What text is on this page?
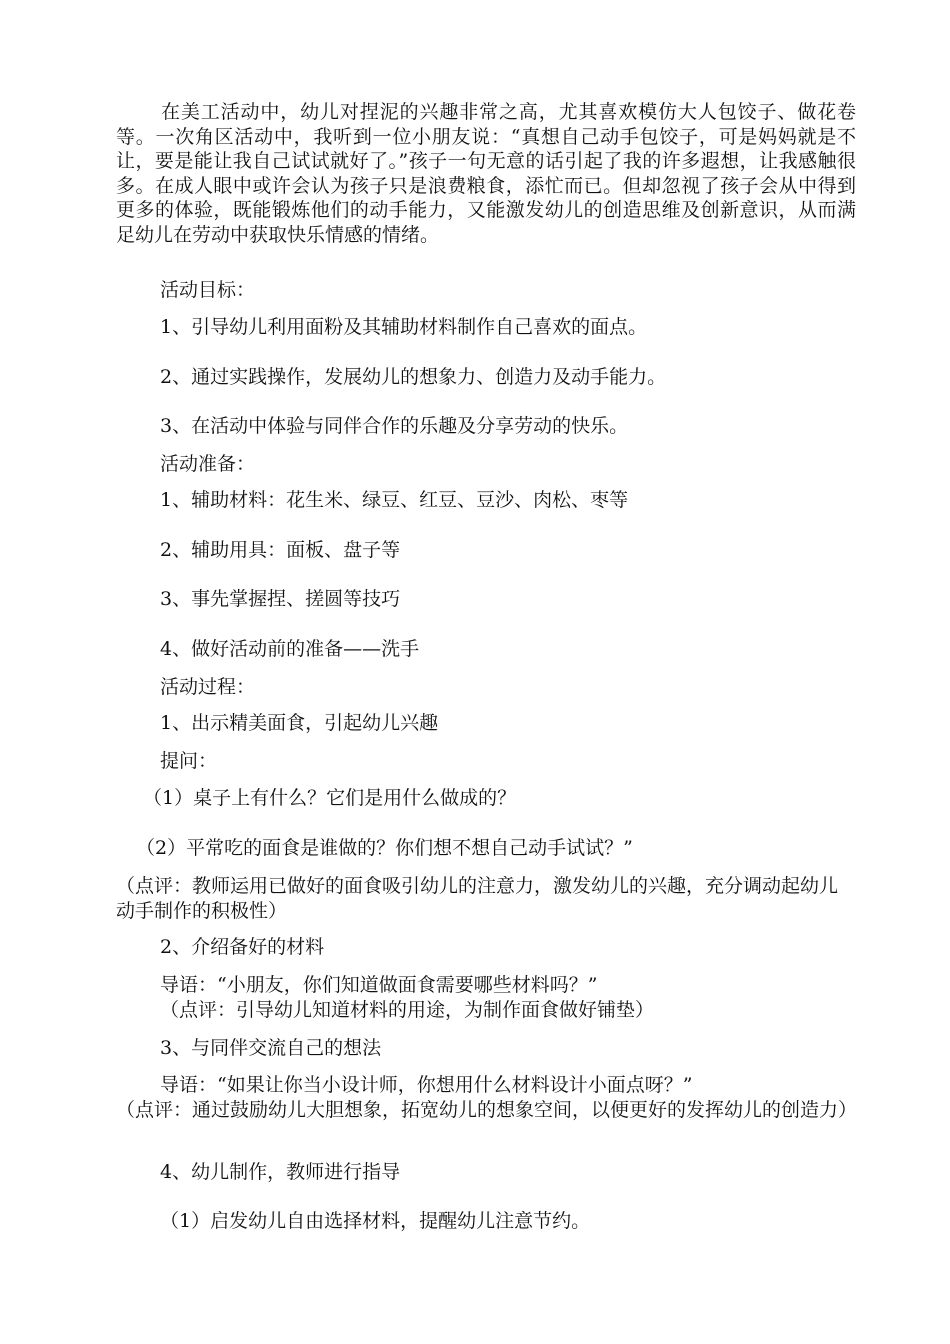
在美工活动中，幼儿对捏泥的兴趣非常之高，尤其喜欢模仿大人包饺子、做花卷等。一次角区活动中，我听到一位小朋友说：“真想自己动手包饺子，可是妈妈就是不让，要是能让我自己试试就好了。”孩子一句无意的话引起了我的许多遐想，让我感触很多。在成人眼中或许会认为孩子只是浪费粮食，添忙而已。但却忽视了孩子会从中得到更多的体验，既能锻炼他们的动手能力，又能激发幼儿的创造思维及创新意识，从而满足幼儿在劳动中获取快乐情感的情绪。

活动目标：

1、引导幼儿利用面粉及其辅助材料制作自己喜欢的面点。

2、通过实践操作，发展幼儿的想象力、创造力及动手能力。

3、在活动中体验与同伴合作的乐趣及分享劳动的快乐。

活动准备：

1、辅助材料：花生米、绿豆、红豆、豆沙、肉松、枣等

2、辅助用具：面板、盘子等

3、事先掌握捏、搓圆等技巧

4、做好活动前的准备——洗手

活动过程：

1、出示精美面食，引起幼儿兴趣

提问：

（1）桌子上有什么？它们是用什么做成的？

（2）平常吃的面食是谁做的？你们想不想自己动手试试？”

（点评：教师运用已做好的面食吸引幼儿的注意力，激发幼儿的兴趣，充分调动起幼儿动手制作的积极性）

2、介绍备好的材料

导语：“小朋友，你们知道做面食需要哪些材料吗？”

（点评：引导幼儿知道材料的用途，为制作面食做好铺垫）

3、与同伴交流自己的想法

导语：“如果让你当小设计师，你想用什么材料设计小面点呀？”

（点评：通过鼓励幼儿大胆想象，拓宽幼儿的想象空间，以便更好的发挥幼儿的创造力）

4、幼儿制作，教师进行指导

（1）启发幼儿自由选择材料，提醒幼儿注意节约。
